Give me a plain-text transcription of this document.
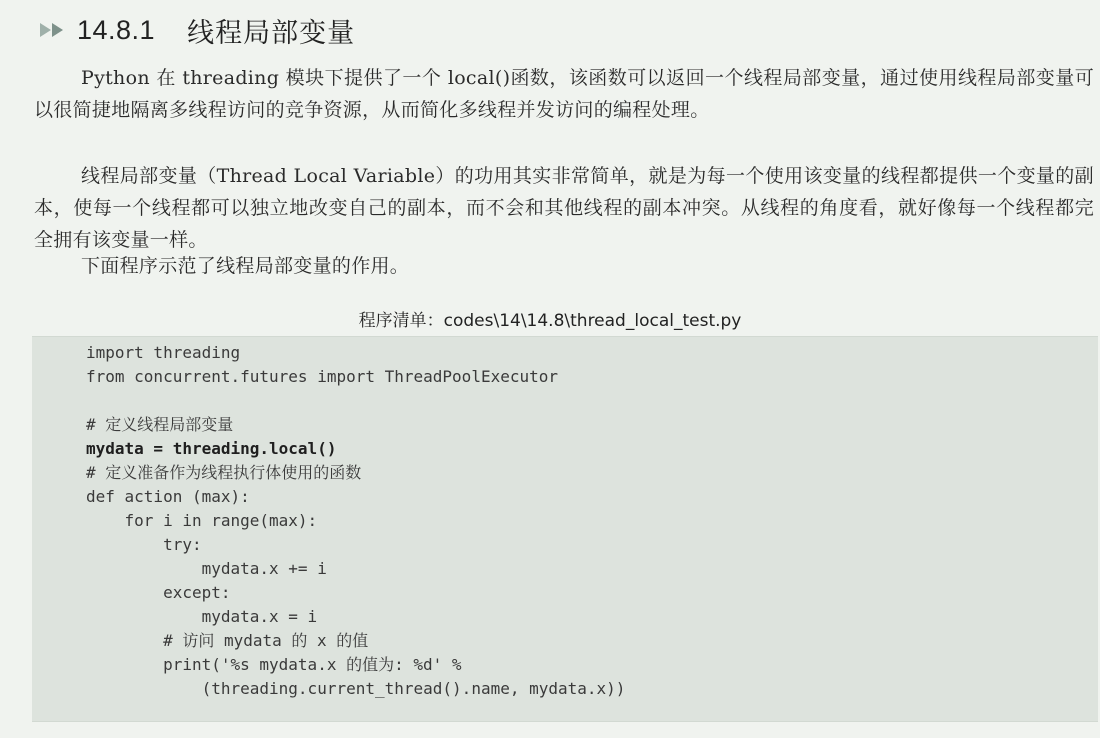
14.8.1 线程局部变量

Python 在 threading 模块下提供了一个 local()函数，该函数可以返回一个线程局部变量，通过使用线程局部变量可以很简捷地隔离多线程访问的竞争资源，从而简化多线程并发访问的编程处理。

线程局部变量（Thread Local Variable）的功用其实非常简单，就是为每一个使用该变量的线程都提供一个变量的副本，使每一个线程都可以独立地改变自己的副本，而不会和其他线程的副本冲突。从线程的角度看，就好像每一个线程都完全拥有该变量一样。

下面程序示范了线程局部变量的作用。

程序清单：codes\14\14.8\thread_local_test.py
import threading
from concurrent.futures import ThreadPoolExecutor
# 定义线程局部变量
mydata = threading.local()
# 定义准备作为线程执行体使用的函数
def action (max):
for i in range(max):
try:
mydata.x += i
except:
mydata.x = i
# 访问 mydata 的 x 的值
print('%s mydata.x 的值为: %d' %
(threading.current_thread().name, mydata.x))
